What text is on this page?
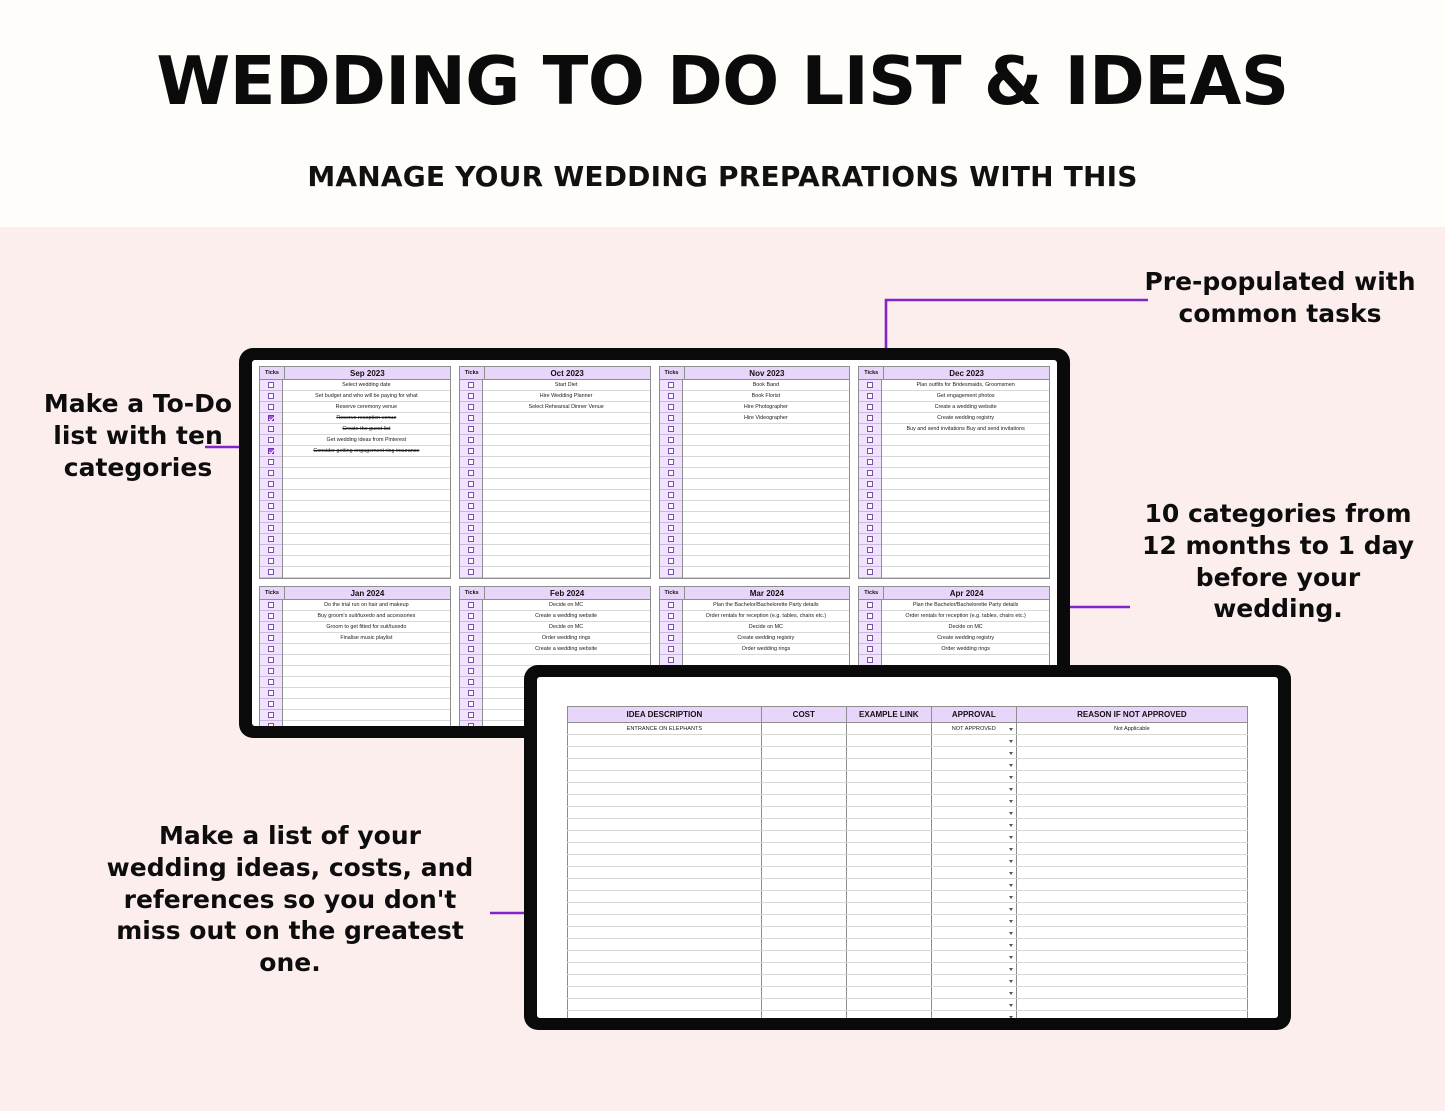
WEDDING TO DO LIST & IDEAS
MANAGE YOUR WEDDING PREPARATIONS WITH THIS
Make a To-Do list with ten categories
Pre-populated with common tasks
10 categories from 12 months to 1 day before your wedding.
Make a list of your wedding ideas, costs, and references so you don't miss out on the greatest one.
Ticks	Sep 2023
Select wedding date
Set budget and who will be paying for what
Reserve ceremony venue
Reserve reception venue
Create the guest list
Get wedding ideas from Pinterest
Consider getting engagement ring insurance
Ticks	Oct 2023
Start Diet
Hire Wedding Planner
Select Rehearsal Dinner Venue
Ticks	Nov 2023
Book Band
Book Florist
Hire Photographer
Hire Videographer
Ticks	Dec 2023
Plan outfits for Bridesmaids, Groomsmen
Get engagement photos
Create a wedding website
Create wedding registry
Buy and send invitations Buy and send invitations
Ticks	Jan 2024
Do the trial run on hair and makeup
Buy groom's suit/tuxedo and accessories
Groom to get fitted for suit/tuxedo
Finalise music playlist
Ticks	Feb 2024
Decide on MC
Create a wedding website
Decide on MC
Order wedding rings
Create a wedding website
Ticks	Mar 2024
Plan the Bachelor/Bachelorette Party details
Order rentals for reception (e.g. tables, chairs etc.)
Decide on MC
Create wedding registry
Order wedding rings
Ticks	Apr 2024
Plan the Bachelor/Bachelorette Party details
Order rentals for reception (e.g. tables, chairs etc.)
Decide on MC
Create wedding registry
Order wedding rings
IDEA DESCRIPTION	COST	EXAMPLE LINK	APPROVAL	REASON IF NOT APPROVED
ENTRANCE ON ELEPHANTS			NOT APPROVED	Not Applicable
